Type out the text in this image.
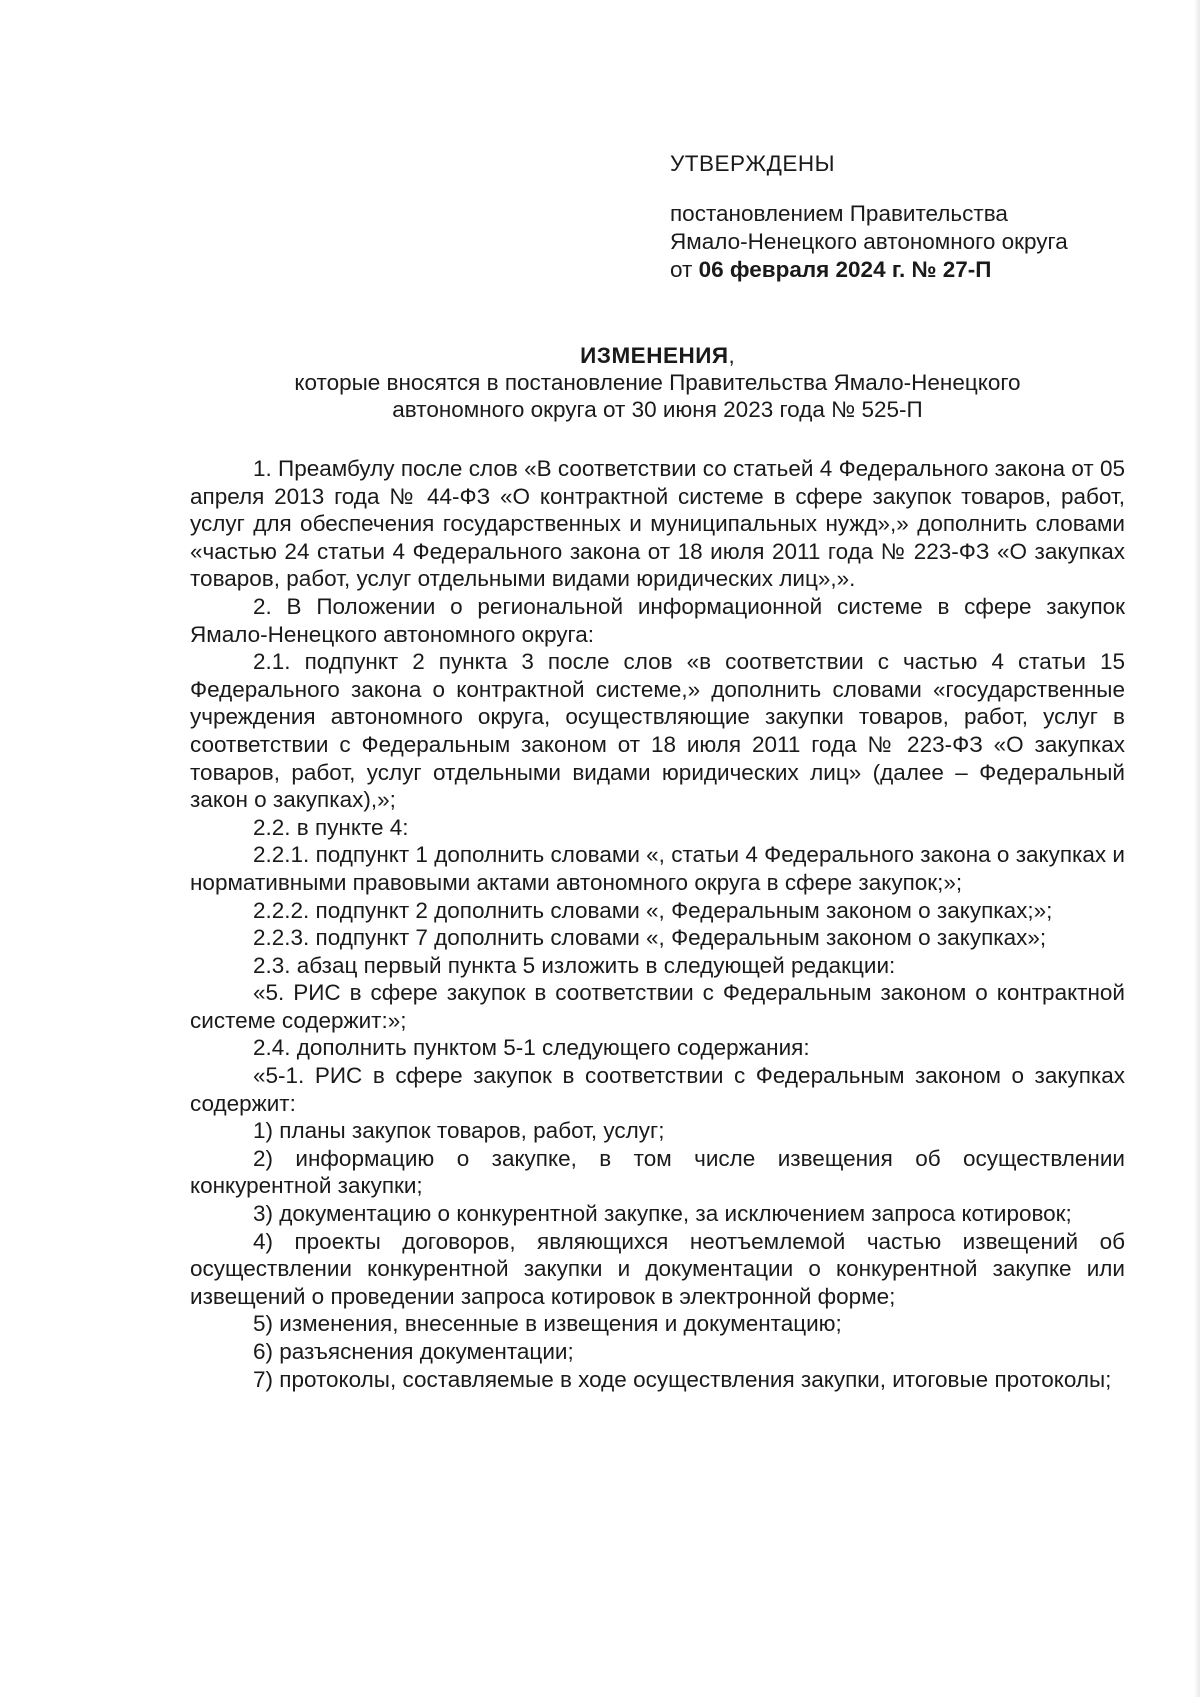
УТВЕРЖДЕНЫ
постановлением Правительства
Ямало-Ненецкого автономного округа
от 06 февраля 2024 г. № 27-П
ИЗМЕНЕНИЯ,
которые вносятся в постановление Правительства Ямало-Ненецкого
автономного округа от 30 июня 2023 года № 525-П

1. Преамбулу после слов «В соответствии со статьей 4 Федерального закона от 05 апреля 2013 года № 44-ФЗ «О контрактной системе в сфере закупок товаров, работ, услуг для обеспечения государственных и муниципальных нужд»,» дополнить словами «частью 24 статьи 4 Федерального закона от 18 июля 2011 года № 223-ФЗ «О закупках товаров, работ, услуг отдельными видами юридических лиц»,».

2. В Положении о региональной информационной системе в сфере закупок Ямало-Ненецкого автономного округа:

2.1. подпункт 2 пункта 3 после слов «в соответствии с частью 4 статьи 15 Федерального закона о контрактной системе,» дополнить словами «государственные учреждения автономного округа, осуществляющие закупки товаров, работ, услуг в соответствии с Федеральным законом от 18 июля 2011 года № 223-ФЗ «О закупках товаров, работ, услуг отдельными видами юридических лиц» (далее – Федеральный закон о закупках),»;

2.2. в пункте 4:

2.2.1. подпункт 1 дополнить словами «, статьи 4 Федерального закона о закупках и нормативными правовыми актами автономного округа в сфере закупок;»;

2.2.2. подпункт 2 дополнить словами «, Федеральным законом о закупках;»;

2.2.3. подпункт 7 дополнить словами «, Федеральным законом о закупках»;

2.3. абзац первый пункта 5 изложить в следующей редакции:

«5. РИС в сфере закупок в соответствии с Федеральным законом о контрактной системе содержит:»;

2.4. дополнить пунктом 5-1 следующего содержания:

«5-1. РИС в сфере закупок в соответствии с Федеральным законом о закупках содержит:

1) планы закупок товаров, работ, услуг;

2) информацию о закупке, в том числе извещения об осуществлении конкурентной закупки;

3) документацию о конкурентной закупке, за исключением запроса котировок;

4) проекты договоров, являющихся неотъемлемой частью извещений об осуществлении конкурентной закупки и документации о конкурентной закупке или извещений о проведении запроса котировок в электронной форме;

5) изменения, внесенные в извещения и документацию;

6) разъяснения документации;

7) протоколы, составляемые в ходе осуществления закупки, итоговые протоколы;
